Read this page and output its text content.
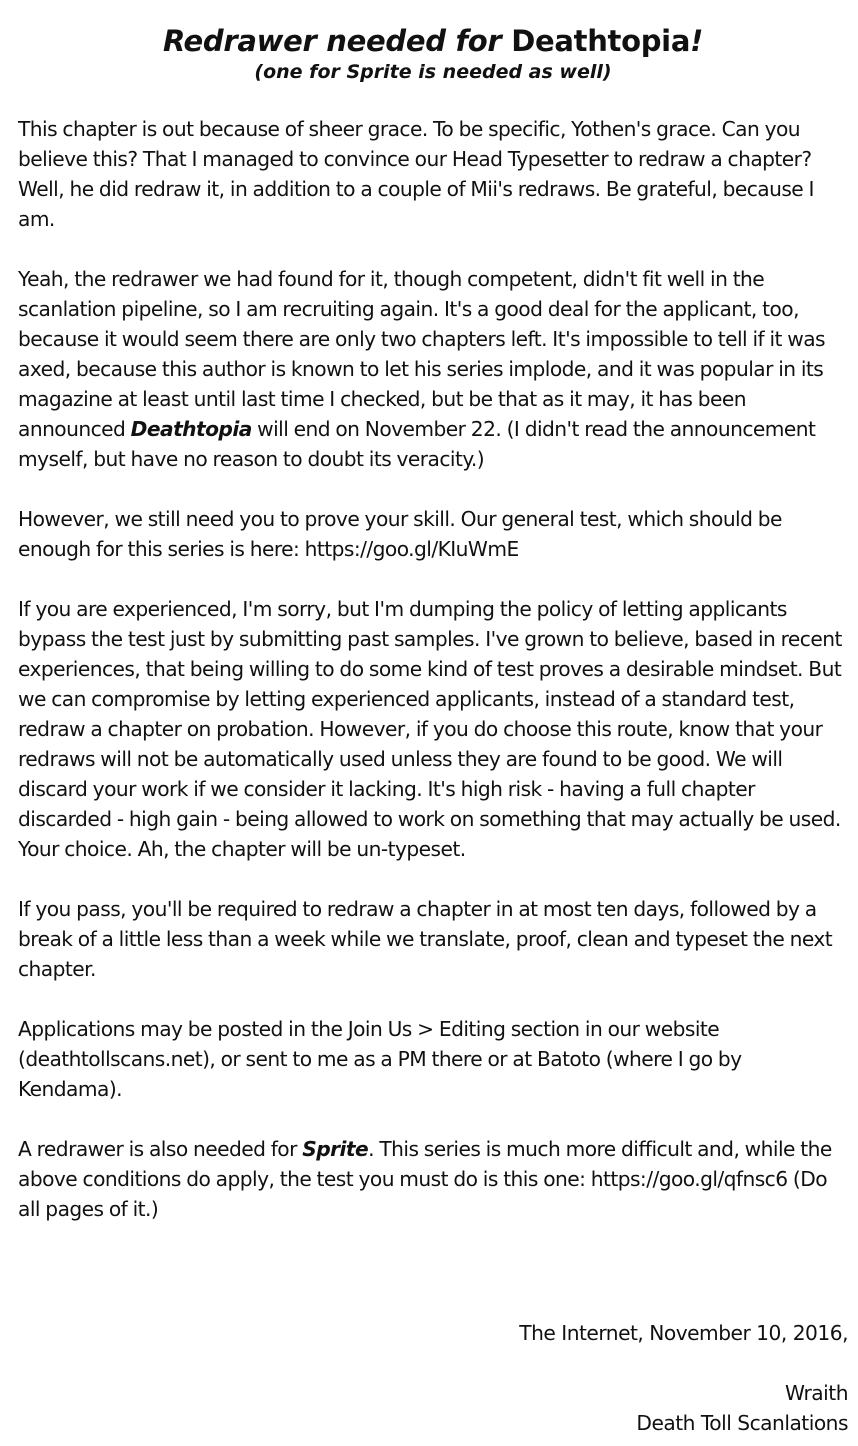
Redrawer needed for Deathtopia!

(one for Sprite is needed as well)

This chapter is out because of sheer grace. To be specific, Yothen's grace. Can you believe this? That I managed to convince our Head Typesetter to redraw a chapter? Well, he did redraw it, in addition to a couple of Mii's redraws. Be grateful, because I am.

Yeah, the redrawer we had found for it, though competent, didn't fit well in the scanlation pipeline, so I am recruiting again. It's a good deal for the applicant, too, because it would seem there are only two chapters left. It's impossible to tell if it was axed, because this author is known to let his series implode, and it was popular in its magazine at least until last time I checked, but be that as it may, it has been announced Deathtopia will end on November 22. (I didn't read the announcement myself, but have no reason to doubt its veracity.)

However, we still need you to prove your skill. Our general test, which should be enough for this series is here: https://goo.gl/KIuWmE

If you are experienced, I'm sorry, but I'm dumping the policy of letting applicants bypass the test just by submitting past samples. I've grown to believe, based in recent experiences, that being willing to do some kind of test proves a desirable mindset. But we can compromise by letting experienced applicants, instead of a standard test, redraw a chapter on probation. However, if you do choose this route, know that your redraws will not be automatically used unless they are found to be good. We will discard your work if we consider it lacking. It's high risk - having a full chapter discarded - high gain - being allowed to work on something that may actually be used. Your choice. Ah, the chapter will be un-typeset.

If you pass, you'll be required to redraw a chapter in at most ten days, followed by a break of a little less than a week while we translate, proof, clean and typeset the next chapter.

Applications may be posted in the Join Us > Editing section in our website (deathtollscans.net), or sent to me as a PM there or at Batoto (where I go by Kendama).

A redrawer is also needed for Sprite. This series is much more difficult and, while the above conditions do apply, the test you must do is this one: https://goo.gl/qfnsc6 (Do all pages of it.)

The Internet, November 10, 2016,
Wraith
Death Toll Scanlations
